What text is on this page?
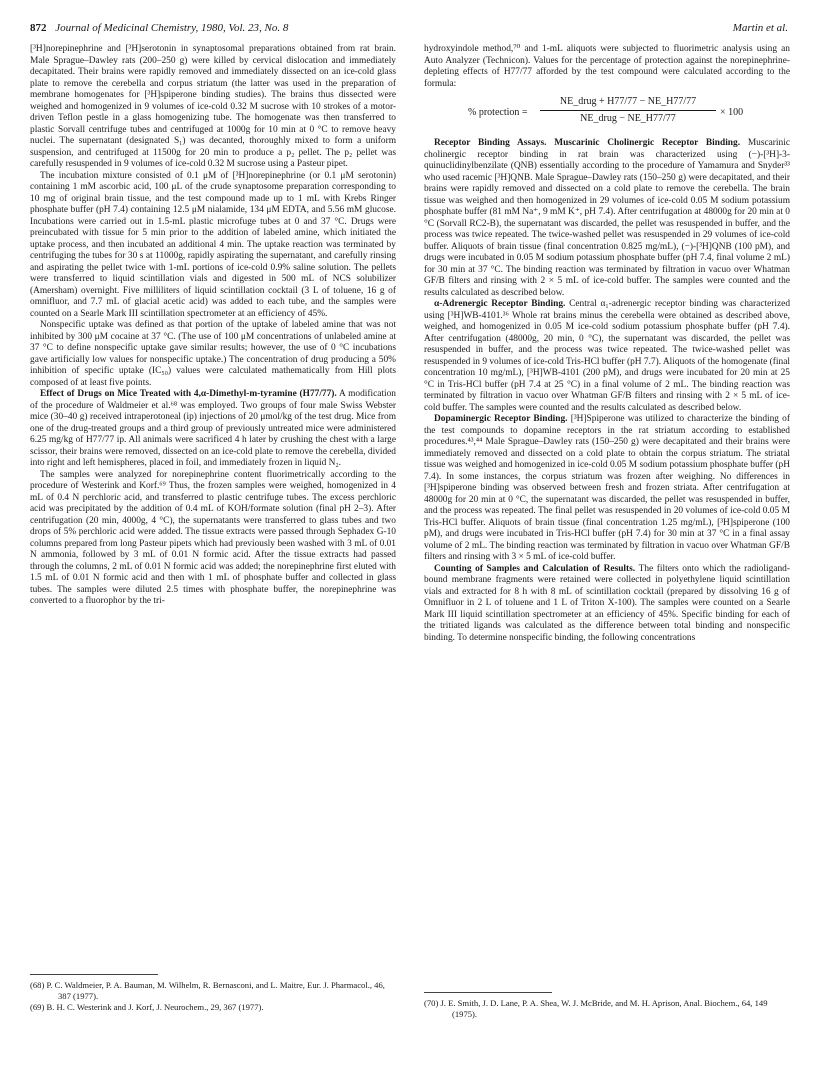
872 Journal of Medicinal Chemistry, 1980, Vol. 23, No. 8	Martin et al.

[³H]norepinephrine and [³H]serotonin in synaptosomal preparations obtained from rat brain. Male Sprague–Dawley rats (200–250 g) were killed by cervical dislocation and immediately decapitated. Their brains were rapidly removed and immediately dissected on an ice-cold glass plate to remove the cerebella and corpus striatum (the latter was used in the preparation of membrane homogenates for [³H]spiperone binding studies). The brains thus dissected were weighed and homogenized in 9 volumes of ice-cold 0.32 M sucrose with 10 strokes of a motor-driven Teflon pestle in a glass homogenizing tube. The homogenate was then transferred to plastic Sorvall centrifuge tubes and centrifuged at 1000g for 10 min at 0 °C to remove heavy nuclei. The supernatant (designated S₁) was decanted, thoroughly mixed to form a uniform suspension, and centrifuged at 11500g for 20 min to produce a p₂ pellet. The p₂ pellet was carefully resuspended in 9 volumes of ice-cold 0.32 M sucrose using a Pasteur pipet.

The incubation mixture consisted of 0.1 μM of [³H]norepinephrine (or 0.1 μM serotonin) containing 1 mM ascorbic acid, 100 μL of the crude synaptosome preparation corresponding to 10 mg of original brain tissue, and the test compound made up to 1 mL with Krebs Ringer phosphate buffer (pH 7.4) containing 12.5 μM nialamide, 134 μM EDTA, and 5.56 mM glucose. Incubations were carried out in 1.5-mL plastic microfuge tubes at 0 and 37 °C. Drugs were preincubated with tissue for 5 min prior to the addition of labeled amine, which initiated the uptake process, and then incubated an additional 4 min. The uptake reaction was terminated by centrifuging the tubes for 30 s at 11000g, rapidly aspirating the supernatant, and carefully rinsing and aspirating the pellet twice with 1-mL portions of ice-cold 0.9% saline solution. The pellets were transferred to liquid scintillation vials and digested in 500 mL of NCS solubilizer (Amersham) overnight. Five milliliters of liquid scintillation cocktail (3 L of toluene, 16 g of omnifluor, and 7.7 mL of glacial acetic acid) was added to each tube, and the samples were counted on a Searle Mark III scintillation spectrometer at an efficiency of 45%.

Nonspecific uptake was defined as that portion of the uptake of labeled amine that was not inhibited by 300 μM cocaine at 37 °C. (The use of 100 μM concentrations of unlabeled amine at 37 °C to define nonspecific uptake gave similar results; however, the use of 0 °C incubations gave artificially low values for nonspecific uptake.) The concentration of drug producing a 50% inhibition of specific uptake (IC₅₀) values were calculated mathematically from Hill plots composed of at least five points.

Effect of Drugs on Mice Treated with 4,α-Dimethyl-m-tyramine (H77/77). A modification of the procedure of Waldmeier et al.⁶⁸ was employed. Two groups of four male Swiss Webster mice (30–40 g) received intraperotoneal (ip) injections of 20 μmol/kg of the test drug. Mice from one of the drug-treated groups and a third group of previously untreated mice were administered 6.25 mg/kg of H77/77 ip. All animals were sacrificed 4 h later by crushing the chest with a large scissor, their brains were removed, dissected on an ice-cold plate to remove the cerebella, divided into right and left hemispheres, placed in foil, and immediately frozen in liquid N₂.

The samples were analyzed for norepinephrine content fluorimetrically according to the procedure of Westerink and Korf.⁶⁹ Thus, the frozen samples were weighed, homogenized in 4 mL of 0.4 N perchloric acid, and transferred to plastic centrifuge tubes. The excess perchloric acid was precipitated by the addition of 0.4 mL of KOH/formate solution (final pH 2–3). After centrifugation (20 min, 4000g, 4 °C), the supernatants were transferred to glass tubes and two drops of 5% perchloric acid were added. The tissue extracts were passed through Sephadex G-10 columns prepared from long Pasteur pipets which had previously been washed with 3 mL of 0.01 N ammonia, followed by 3 mL of 0.01 N formic acid. After the tissue extracts had passed through the columns, 2 mL of 0.01 N formic acid was added; the norepinephrine first eluted with 1.5 mL of 0.01 N formic acid and then with 1 mL of phosphate buffer and collected in glass tubes. The samples were diluted 2.5 times with phosphate buffer, the norepinephrine was converted to a fluorophor by the tri-

hydroxyindole method,⁷⁰ and 1-mL aliquots were subjected to fluorimetric analysis using an Auto Analyzer (Technicon). Values for the percentage of protection against the norepinephrine-depleting effects of H77/77 afforded by the test compound were calculated according to the formula:

% protection =
NE_drug + H77/77 − NE_H77/77
NE_drug − NE_H77/77	× 100

Receptor Binding Assays. Muscarinic Cholinergic Receptor Binding. Muscarinic cholinergic receptor binding in rat brain was characterized using (−)-[³H]-3-quinuclidinylbenzilate (QNB) essentially according to the procedure of Yamamura and Snyder³³ who used racemic [³H]QNB. Male Sprague–Dawley rats (150–250 g) were decapitated, and their brains were rapidly removed and dissected on a cold plate to remove the cerebella. The brain tissue was weighed and then homogenized in 29 volumes of ice-cold 0.05 M sodium potassium phosphate buffer (81 mM Na⁺, 9 mM K⁺, pH 7.4). After centrifugation at 48000g for 20 min at 0 °C (Sorvall RC2-B), the supernatant was discarded, the pellet was resuspended in buffer, and the process was twice repeated. The twice-washed pellet was resuspended in 29 volumes of ice-cold buffer. Aliquots of brain tissue (final concentration 0.825 mg/mL), (−)-[³H]QNB (100 pM), and drugs were incubated in 0.05 M sodium potassium phosphate buffer (pH 7.4, final volume 2 mL) for 30 min at 37 °C. The binding reaction was terminated by filtration in vacuo over Whatman GF/B filters and rinsing with 2 × 5 mL of ice-cold buffer. The samples were counted and the results calculated as described below.

α-Adrenergic Receptor Binding. Central α₁-adrenergic receptor binding was characterized using [³H]WB-4101.³⁶ Whole rat brains minus the cerebella were obtained as described above, weighed, and homogenized in 0.05 M ice-cold sodium potassium phosphate buffer (pH 7.4). After centrifugation (48000g, 20 min, 0 °C), the supernatant was discarded, the pellet was resuspended in buffer, and the process was twice repeated. The twice-washed pellet was resuspended in 9 volumes of ice-cold Tris-HCl buffer (pH 7.7). Aliquots of the homogenate (final concentration 10 mg/mL), [³H]WB-4101 (200 pM), and drugs were incubated for 20 min at 25 °C in Tris-HCl buffer (pH 7.4 at 25 °C) in a final volume of 2 mL. The binding reaction was terminated by filtration in vacuo over Whatman GF/B filters and rinsing with 2 × 5 mL of ice-cold buffer. The samples were counted and the results calculated as described below.

Dopaminergic Receptor Binding. [³H]Spiperone was utilized to characterize the binding of the test compounds to dopamine receptors in the rat striatum according to established procedures.⁴³,⁴⁴ Male Sprague–Dawley rats (150–250 g) were decapitated and their brains were immediately removed and dissected on a cold plate to obtain the corpus striatum. The striatal tissue was weighed and homogenized in ice-cold 0.05 M sodium potassium phosphate buffer (pH 7.4). In some instances, the corpus striatum was frozen after weighing. No differences in [³H]spiperone binding was observed between fresh and frozen striata. After centrifugation at 48000g for 20 min at 0 °C, the supernatant was discarded, the pellet was resuspended in buffer, and the process was repeated. The final pellet was resuspended in 20 volumes of ice-cold 0.05 M Tris-HCl buffer. Aliquots of brain tissue (final concentration 1.25 mg/mL), [³H]spiperone (100 pM), and drugs were incubated in Tris-HCl buffer (pH 7.4) for 30 min at 37 °C in a final assay volume of 2 mL. The binding reaction was terminated by filtration in vacuo over Whatman GF/B filters and rinsing with 3 × 5 mL of ice-cold buffer.

Counting of Samples and Calculation of Results. The filters onto which the radioligand-bound membrane fragments were retained were collected in polyethylene liquid scintillation vials and extracted for 8 h with 8 mL of scintillation cocktail (prepared by dissolving 16 g of Omnifluor in 2 L of toluene and 1 L of Triton X-100). The samples were counted on a Searle Mark III liquid scintillation spectrometer at an efficiency of 45%. Specific binding for each of the tritiated ligands was calculated as the difference between total binding and nonspecific binding. To determine nonspecific binding, the following concentrations

(68) P. C. Waldmeier, P. A. Bauman, M. Wilhelm, R. Bernasconi, and L. Maitre, Eur. J. Pharmacol., 46, 387 (1977).

(69) B. H. C. Westerink and J. Korf, J. Neurochem., 29, 367 (1977).	(70) J. E. Smith, J. D. Lane, P. A. Shea, W. J. McBride, and M. H. Aprison, Anal. Biochem., 64, 149 (1975).
